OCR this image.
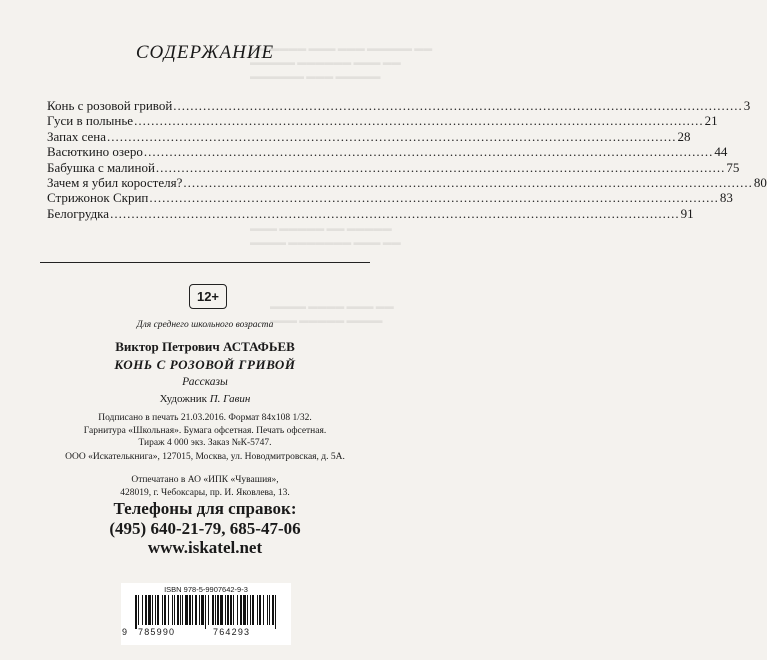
▬▬ ▬▬▬▬ ▬▬▬ ▬▬▬ ▬▬▬▬▬ ▬▬
▬▬▬▬▬ ▬▬▬▬▬▬ ▬▬▬ ▬▬
▬▬▬▬▬▬ ▬▬▬ ▬▬▬▬▬
▬▬▬ ▬▬▬▬▬ ▬▬ ▬▬▬▬▬
▬▬▬▬ ▬▬▬▬▬▬▬ ▬▬▬ ▬▬
▬▬▬▬ ▬▬▬▬ ▬▬▬ ▬▬
▬▬▬ ▬▬▬▬▬ ▬▬▬▬
СОДЕРЖАНИЕ
Конь с розовой гривой .....	3
Гуси в полынье .....	21
Запах сена .....	28
Васюткино озеро .....	44
Бабушка с малиной .....	75
Зачем я убил коростеля? .....	80
Стрижонок Скрип .....	83
Белогрудка .....	91
12+
Для среднего школьного возраста
Виктор Петрович АСТАФЬЕВ
КОНЬ С РОЗОВОЙ ГРИВОЙ
Рассказы
Художник П. Гавин
Подписано в печать 21.03.2016. Формат 84x108 1/32.
Гарнитура «Школьная». Бумага офсетная. Печать офсетная.
Тираж 4 000 экз. Заказ №К-5747.
ООО «Искателькнига», 127015, Москва, ул. Новодмитровская, д. 5А.
Отпечатано в АО «ИПК «Чувашия»,
428019, г. Чебоксары, пр. И. Яковлева, 13.
Телефоны для справок:
(495) 640-21-79, 685-47-06
www.iskatel.net
ISBN 978-5-9907642-9-3
9 785990	764293
